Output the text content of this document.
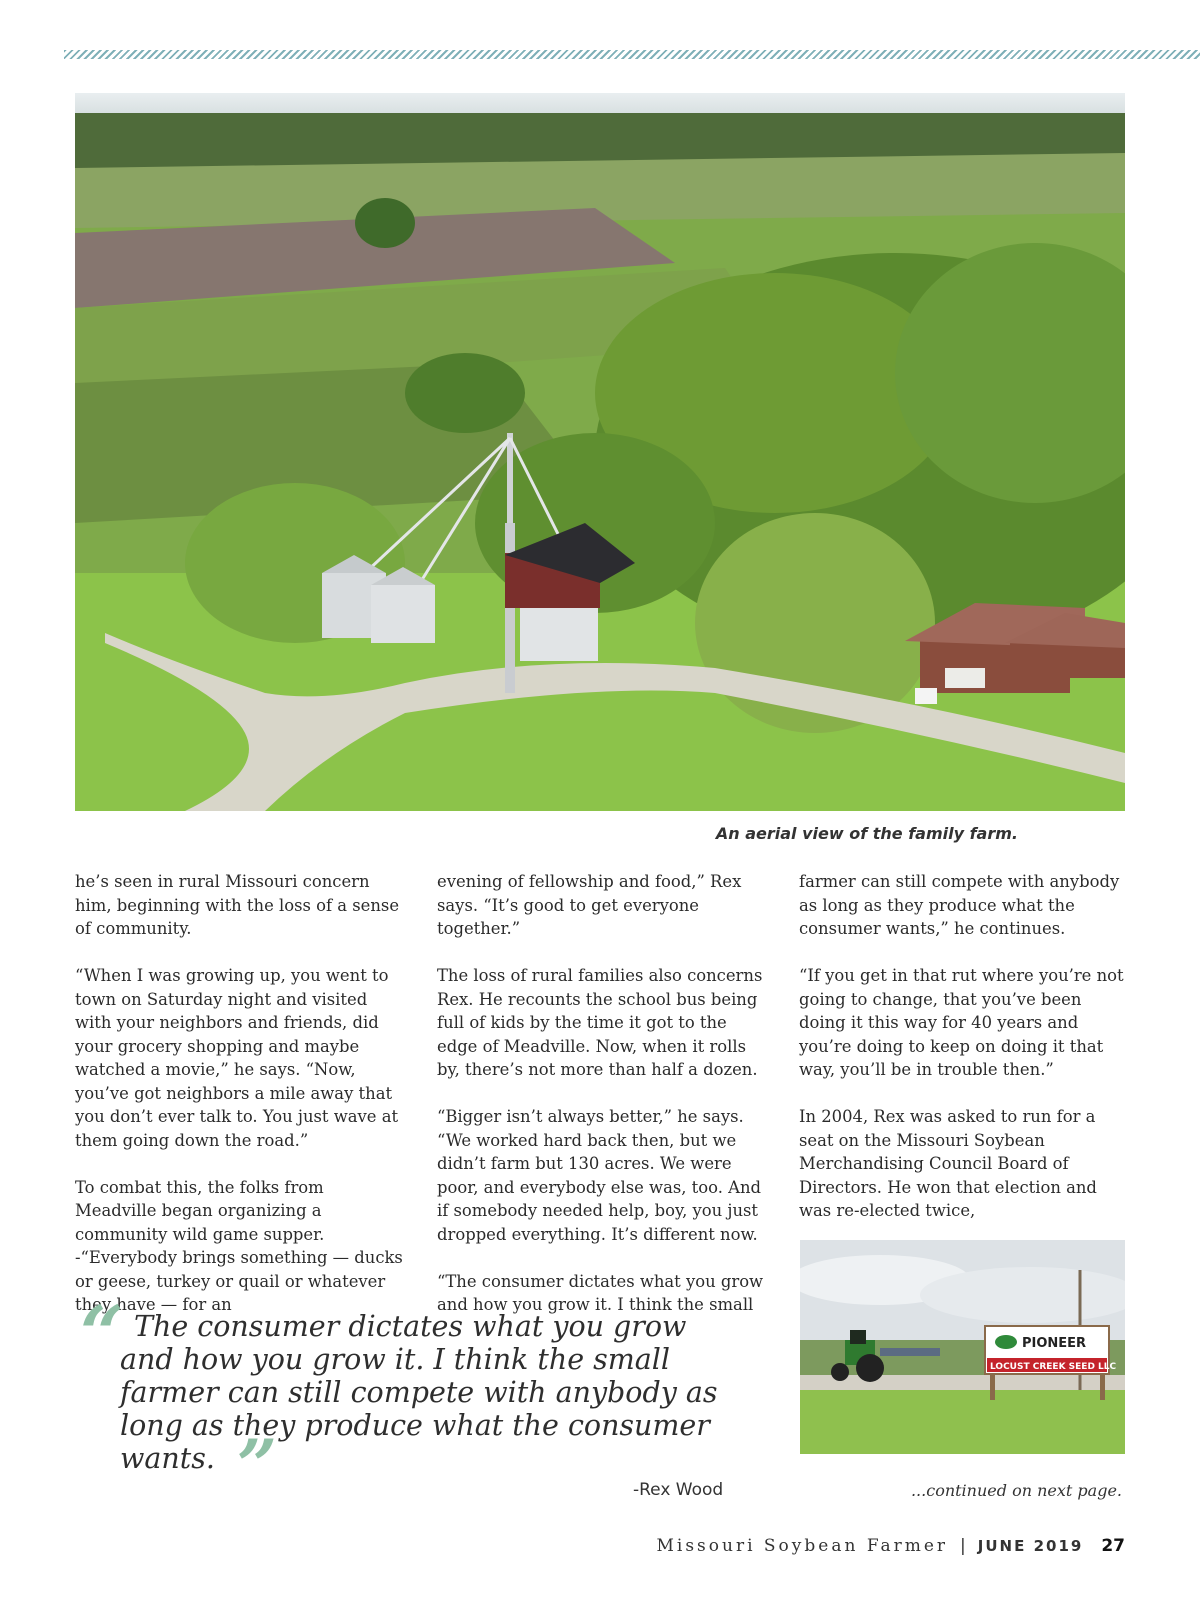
An aerial view of the family farm.

he’s seen in rural Missouri concern him, beginning with the loss of a sense of community.

“When I was growing up, you went to town on Saturday night and visited with your neighbors and friends, did your grocery shopping and maybe watched a movie,” he says. “Now, you’ve got neighbors a mile away that you don’t ever talk to. You just wave at them going down the road.”

To combat this, the folks from Meadville began organizing a community wild game supper. -“Everybody brings something — ducks or geese, turkey or quail or whatever they have — for an

evening of fellowship and food,” Rex says. “It’s good to get everyone together.”

The loss of rural families also concerns Rex. He recounts the school bus being full of kids by the time it got to the edge of Meadville. Now, when it rolls by, there’s not more than half a dozen.

“Bigger isn’t always better,” he says. “We worked hard back then, but we didn’t farm but 130 acres. We were poor, and everybody else was, too. And if somebody needed help, boy, you just dropped everything. It’s different now.

“The consumer dictates what you grow and how you grow it. I think the small

farmer can still compete with anybody as long as they produce what the consumer wants,” he continues.

“If you get in that rut where you’re not going to change, that you’ve been doing it this way for 40 years and you’re doing to keep on doing it that way, you’ll be in trouble then.”

In 2004, Rex was asked to run for a seat on the Missouri Soybean Merchandising Council Board of Directors. He won that election and was re-elected twice,

“ The consumer dictates what you grow and how you grow it. I think the small farmer can still compete with anybody as long as they produce what the consumer wants. ”	-Rex Wood
PIONEER
LOCUST CREEK SEED LLC
...continued on next page.
Missouri Soybean Farmer | JUNE 2019 27
